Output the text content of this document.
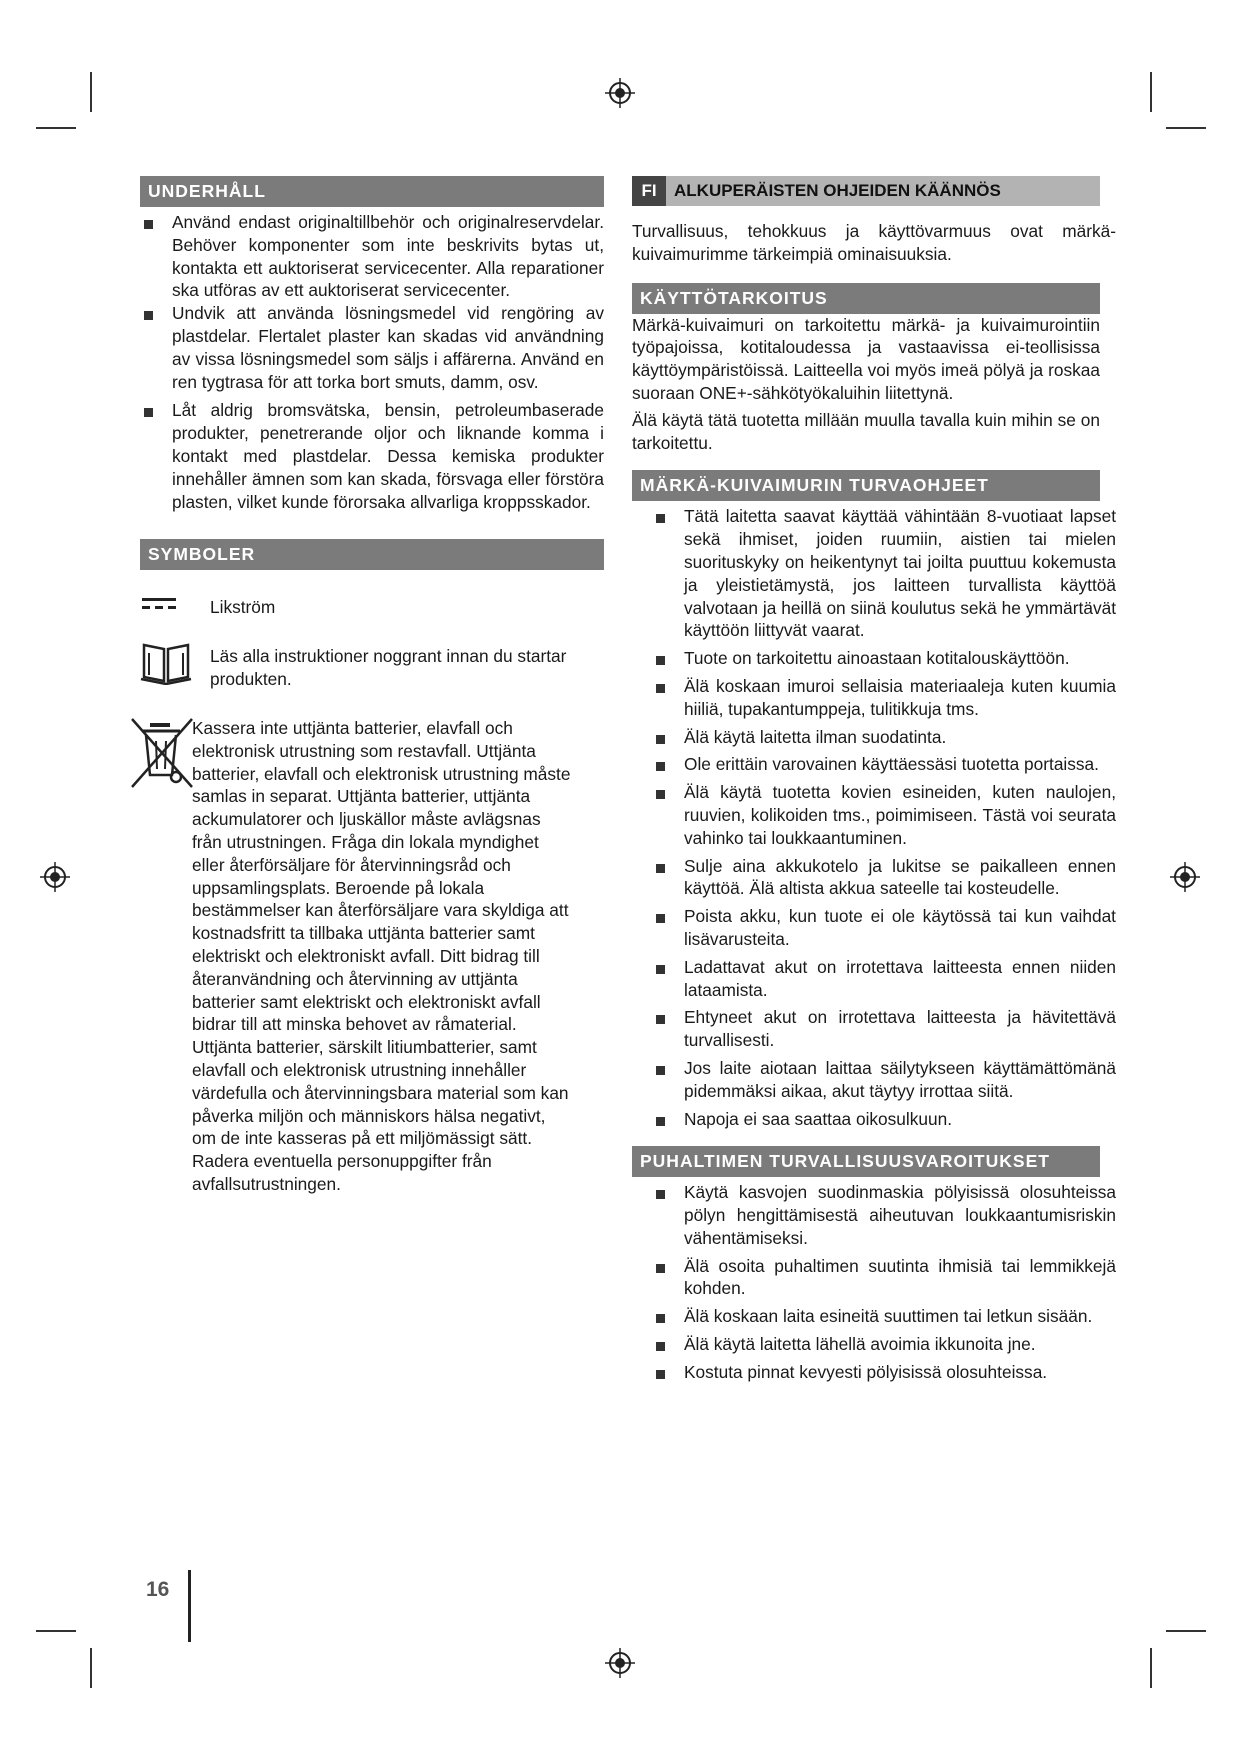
UNDERHÅLL
Använd endast originaltillbehör och originalreservdelar. Behöver komponenter som inte beskrivits bytas ut, kontakta ett auktoriserat servicecenter. Alla reparationer ska utföras av ett auktoriserat servicecenter.
Undvik att använda lösningsmedel vid rengöring av plastdelar. Flertalet plaster kan skadas vid användning av vissa lösningsmedel som säljs i affärerna. Använd en ren tygtrasa för att torka bort smuts, damm, osv.
Låt aldrig bromsvätska, bensin, petroleumbaserade produkter, penetrerande oljor och liknande komma i kontakt med plastdelar. Dessa kemiska produkter innehåller ämnen som kan skada, försvaga eller förstöra plasten, vilket kunde förorsaka allvarliga kroppsskador.
SYMBOLER

Likström

Läs alla instruktioner noggrant innan du startar produkten.

Kassera inte uttjänta batterier, elavfall och elektronisk utrustning som restavfall. Uttjänta batterier, elavfall och elektronisk utrustning måste samlas in separat. Uttjänta batterier, uttjänta ackumulatorer och ljuskällor måste avlägsnas från utrustningen. Fråga din lokala myndighet eller återförsäljare för återvinningsråd och uppsamlingsplats. Beroende på lokala bestämmelser kan återförsäljare vara skyldiga att kostnadsfritt ta tillbaka uttjänta batterier samt elektriskt och elektroniskt avfall. Ditt bidrag till återanvändning och återvinning av uttjänta batterier samt elektriskt och elektroniskt avfall bidrar till att minska behovet av råmaterial. Uttjänta batterier, särskilt litiumbatterier, samt elavfall och elektronisk utrustning innehåller värdefulla och återvinningsbara material som kan påverka miljön och människors hälsa negativt, om de inte kasseras på ett miljömässigt sätt. Radera eventuella personuppgifter från avfallsutrustningen.

FI	ALKUPERÄISTEN OHJEIDEN KÄÄNNÖS

Turvallisuus, tehokkuus ja käyttövarmuus ovat märkä-kuivaimurimme tärkeimpiä ominaisuuksia.

KÄYTTÖTARKOITUS

Märkä-kuivaimuri on tarkoitettu märkä- ja kuivaimurointiin työpajoissa, kotitaloudessa ja vastaavissa ei-teollisissa käyttöympäristöissä. Laitteella voi myös imeä pölyä ja roskaa suoraan ONE+-sähkötyökaluihin liitettynä.

Älä käytä tätä tuotetta millään muulla tavalla kuin mihin se on tarkoitettu.

MÄRKÄ-KUIVAIMURIN TURVAOHJEET
Tätä laitetta saavat käyttää vähintään 8-vuotiaat lapset sekä ihmiset, joiden ruumiin, aistien tai mielen suorituskyky on heikentynyt tai joilta puuttuu kokemusta ja yleistietämystä, jos laitteen turvallista käyttöä valvotaan ja heillä on siinä koulutus sekä he ymmärtävät käyttöön liittyvät vaarat.
Tuote on tarkoitettu ainoastaan kotitalouskäyttöön.
Älä koskaan imuroi sellaisia materiaaleja kuten kuumia hiiliä, tupakantumppeja, tulitikkuja tms.
Älä käytä laitetta ilman suodatinta.
Ole erittäin varovainen käyttäessäsi tuotetta portaissa.
Älä käytä tuotetta kovien esineiden, kuten naulojen, ruuvien, kolikoiden tms., poimimiseen. Tästä voi seurata vahinko tai loukkaantuminen.
Sulje aina akkukotelo ja lukitse se paikalleen ennen käyttöä. Älä altista akkua sateelle tai kosteudelle.
Poista akku, kun tuote ei ole käytössä tai kun vaihdat lisävarusteita.
Ladattavat akut on irrotettava laitteesta ennen niiden lataamista.
Ehtyneet akut on irrotettava laitteesta ja hävitettävä turvallisesti.
Jos laite aiotaan laittaa säilytykseen käyttämättömänä pidemmäksi aikaa, akut täytyy irrottaa siitä.
Napoja ei saa saattaa oikosulkuun.
PUHALTIMEN TURVALLISUUSVAROITUKSET
Käytä kasvojen suodinmaskia pölyisissä olosuhteissa pölyn hengittämisestä aiheutuvan loukkaantumisriskin vähentämiseksi.
Älä osoita puhaltimen suutinta ihmisiä tai lemmikkejä kohden.
Älä koskaan laita esineitä suuttimen tai letkun sisään.
Älä käytä laitetta lähellä avoimia ikkunoita jne.
Kostuta pinnat kevyesti pölyisissä olosuhteissa.
16
